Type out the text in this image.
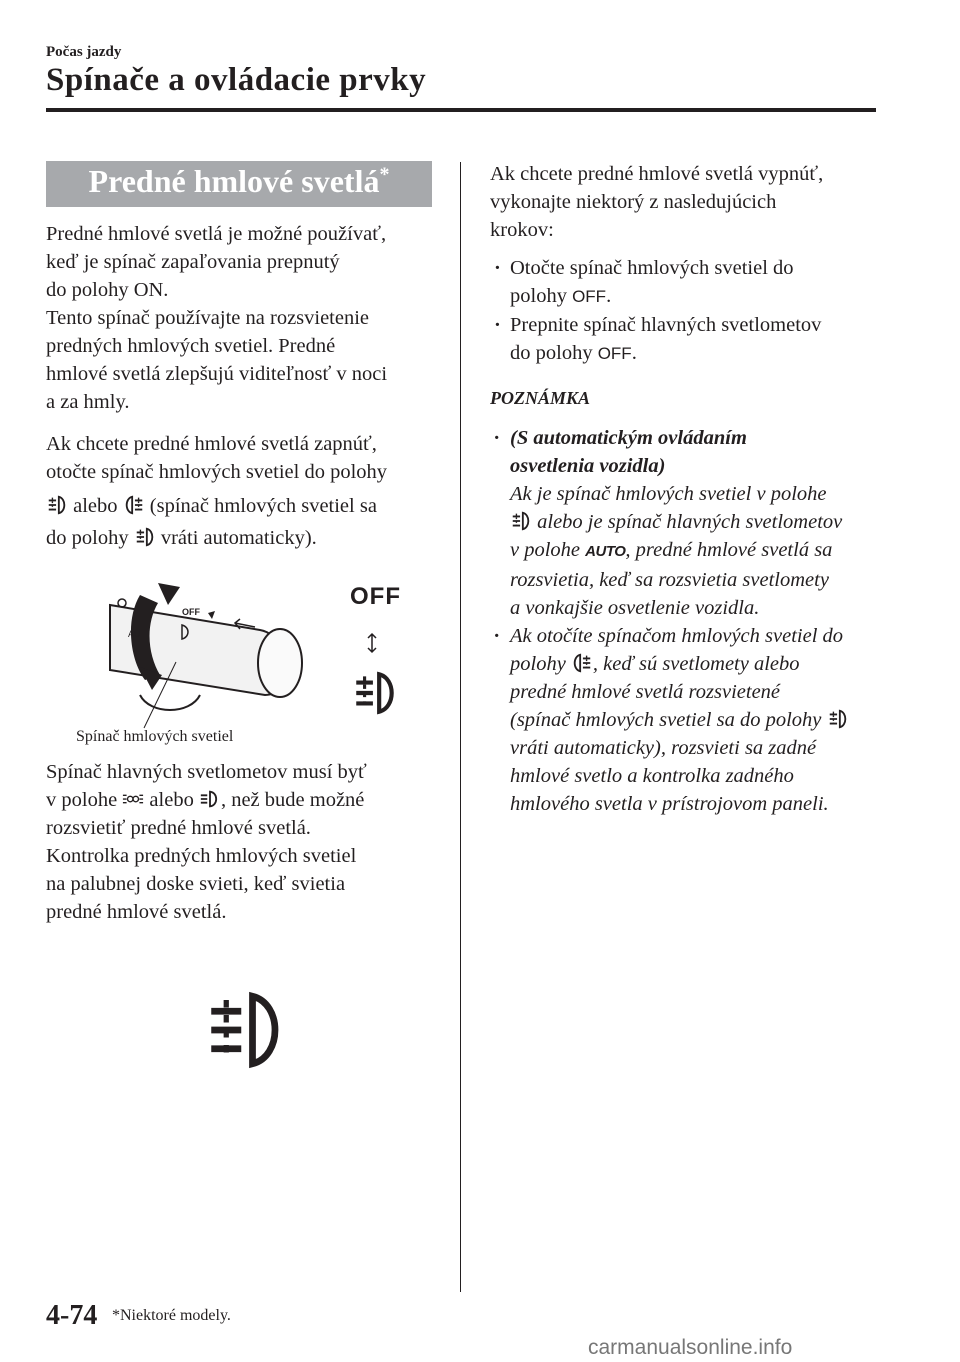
Počas jazdy
Spínače a ovládacie prvky
Predné hmlové svetlá*

Predné hmlové svetlá je možné používať,

keď je spínač zapaľovania prepnutý

do polohy ON.

Tento spínač používajte na rozsvietenie

predných hmlových svetiel. Predné

hmlové svetlá zlepšujú viditeľnosť v noci

a za hmly.

Ak chcete predné hmlové svetlá zapnúť,

otočte spínač hmlových svetiel do polohy

alebo (spínač hmlových svetiel sa

do polohy vráti automaticky).

AU
OFF
Spínač hmlových svetiel
OFF

Spínač hlavných svetlometov musí byť

v polohe alebo , než bude možné

rozsvietiť predné hmlové svetlá.

Kontrolka predných hmlových svetiel

na palubnej doske svieti, keď svietia

predné hmlové svetlá.

Ak chcete predné hmlové svetlá vypnúť,

vykonajte niektorý z nasledujúcich

krokov:

· Otočte spínač hmlových svetiel do
polohy OFF.

· Prepnite spínač hlavných svetlometov
do polohy OFF.

POZNÁMKA

· (S automatickým ovládaním
osvetlenia vozidla)
Ak je spínač hmlových svetiel v polohe
alebo je spínač hlavných svetlometov
v polohe AUTO, predné hmlové svetlá sa
rozsvietia, keď sa rozsvietia svetlomety
a vonkajšie osvetlenie vozidla.

· Ak otočíte spínačom hmlových svetiel do
polohy , keď sú svetlomety alebo
predné hmlové svetlá rozsvietené
(spínač hmlových svetiel sa do polohy
vráti automaticky), rozsvieti sa zadné
hmlové svetlo a kontrolka zadného
hmlového svetla v prístrojovom paneli.

4-74 *Niektoré modely.
carmanualsonline.info
